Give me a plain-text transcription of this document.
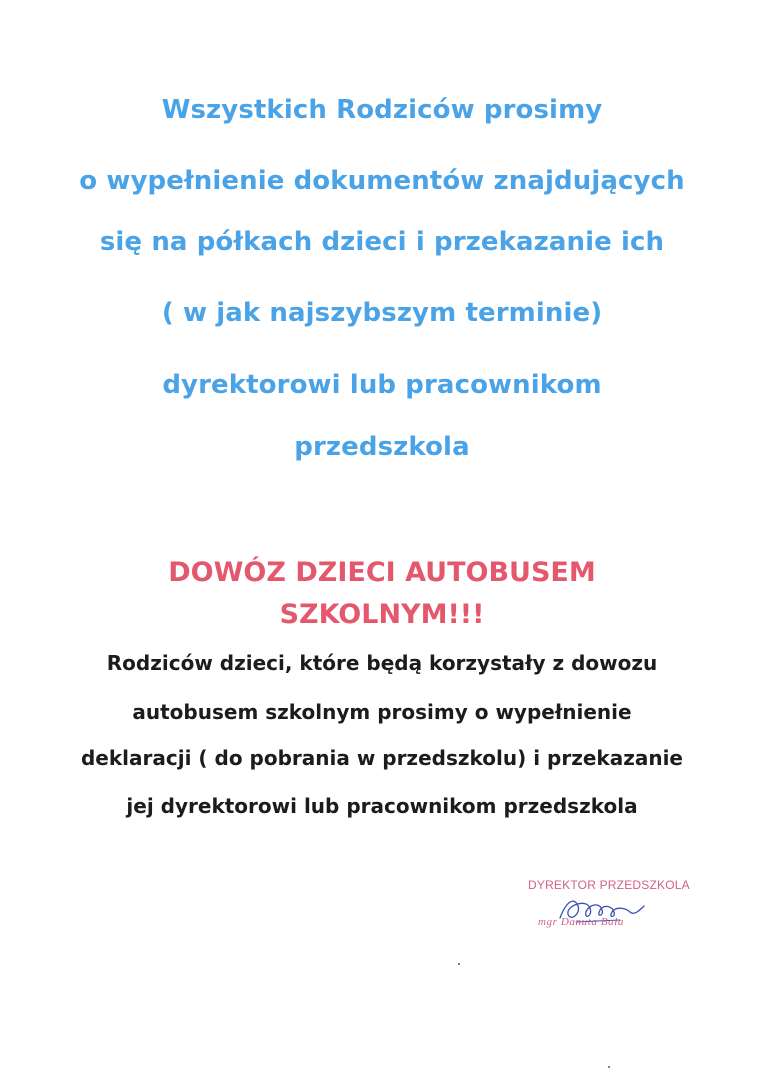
Wszystkich Rodziców prosimy
o wypełnienie dokumentów znajdujących
się na półkach dzieci i przekazanie ich
( w jak najszybszym terminie)
dyrektorowi lub pracownikom
przedszkola
DOWÓZ DZIECI AUTOBUSEM
SZKOLNYM!!!
Rodziców dzieci, które będą korzystały z dowozu
autobusem szkolnym prosimy o wypełnienie
deklaracji ( do pobrania w przedszkolu) i przekazanie
jej dyrektorowi lub pracownikom przedszkola
DYREKTOR PRZEDSZKOLA
mgr Danuta Bała
